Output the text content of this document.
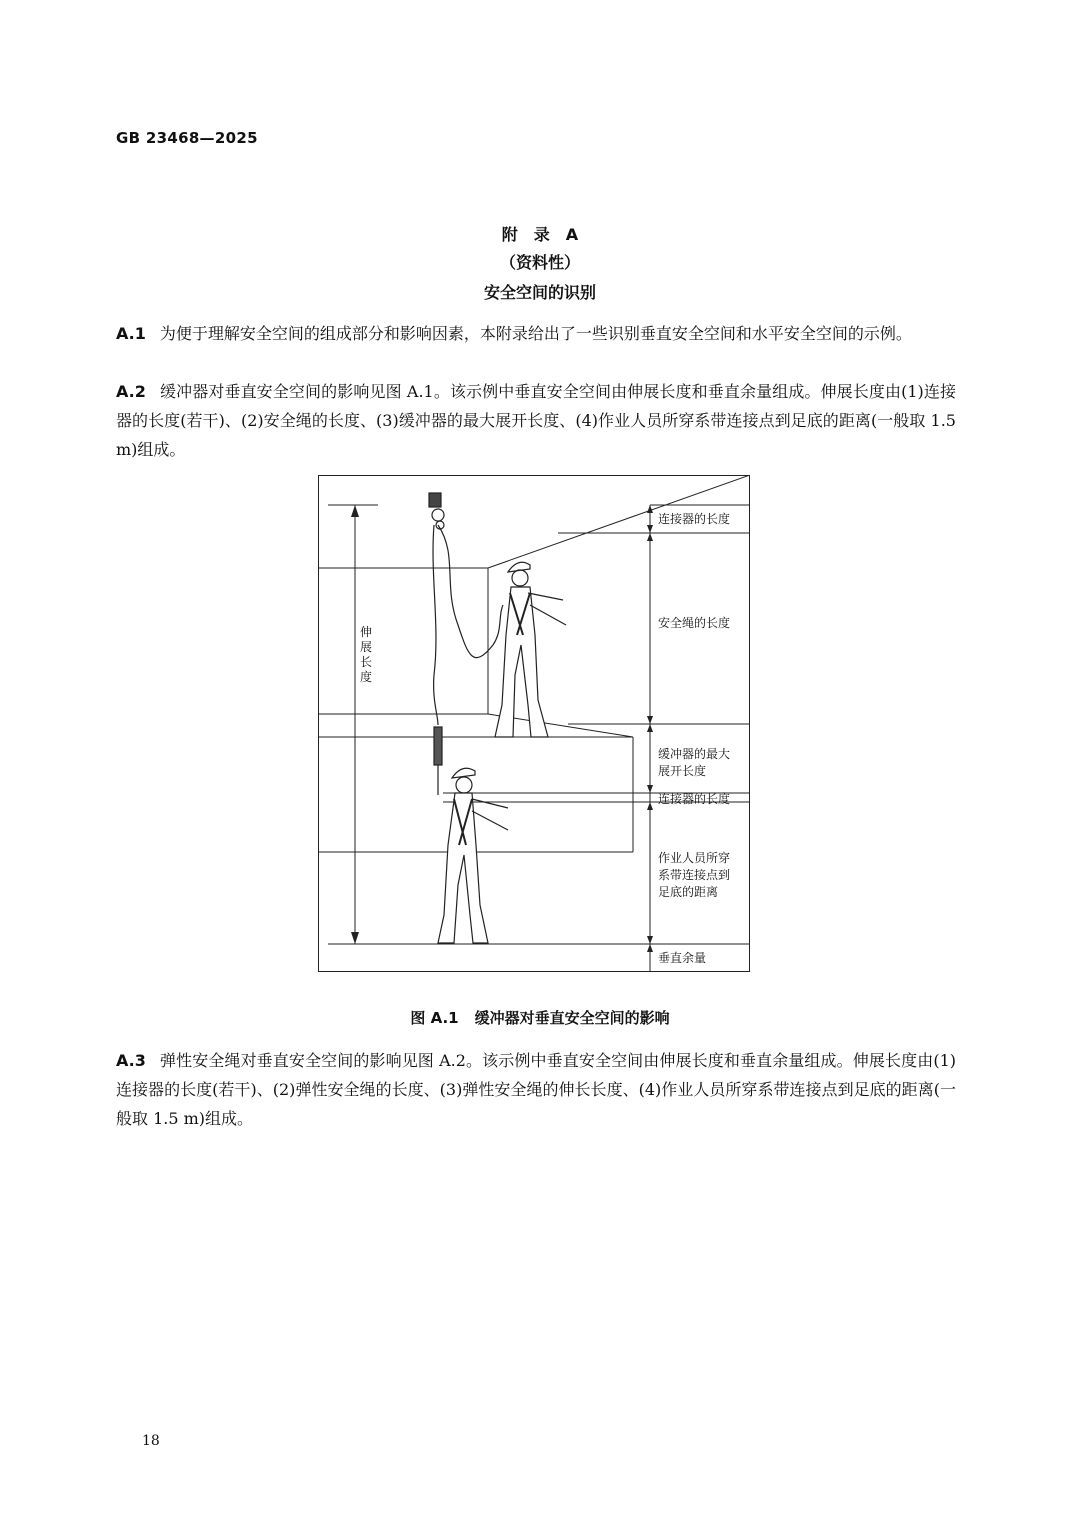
GB 23468—2025
附　录　A
（资料性）
安全空间的识别
A.1 为便于理解安全空间的组成部分和影响因素，本附录给出了一些识别垂直安全空间和水平安全空间的示例。
A.2 缓冲器对垂直安全空间的影响见图 A.1。该示例中垂直安全空间由伸展长度和垂直余量组成。伸展长度由(1)连接器的长度(若干)、(2)安全绳的长度、(3)缓冲器的最大展开长度、(4)作业人员所穿系带连接点到足底的距离(一般取 1.5 m)组成。
伸展长度
连接器的长度
安全绳的长度
缓冲器的最大
展开长度
连接器的长度
作业人员所穿
系带连接点到
足底的距离
垂直余量
图 A.1 缓冲器对垂直安全空间的影响
A.3 弹性安全绳对垂直安全空间的影响见图 A.2。该示例中垂直安全空间由伸展长度和垂直余量组成。伸展长度由(1)连接器的长度(若干)、(2)弹性安全绳的长度、(3)弹性安全绳的伸长长度、(4)作业人员所穿系带连接点到足底的距离(一般取 1.5 m)组成。
18
